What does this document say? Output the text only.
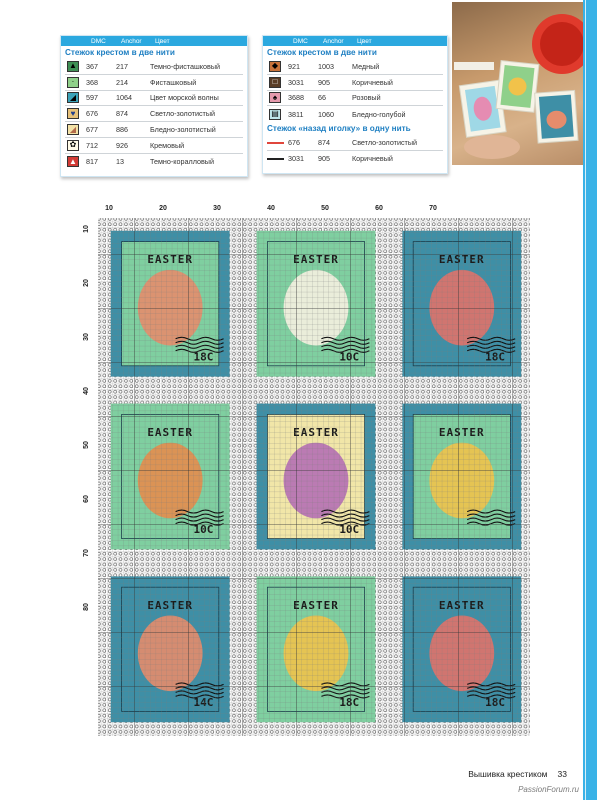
DMC	Anchor	Цвет
Стежок крестом в две нити
▲ 367	217	Темно-фисташковый
·	368	214	Фисташковый
◢	597	1064	Цвет морской волны
♥	676	874	Светло-золотистый
◢	677	886	Бледно-золотистый
✿	712	926	Кремовый
▲ 817	13	Темно-коралловый
DMC	Anchor	Цвет
Стежок крестом в две нити
◆	921	1003	Медный
□	3031	905	Коричневый
♠	3688	66	Розовый
▤	3811	1060	Бледно-голубой
Стежок «назад иголку» в одну нить
676	874	Светло-золотистый
3031	905	Коричневый
10	20	30	40	50	60	70
10
20
30
40
50
60
70
80
Вышивка крестиком 33
PassionForum.ru
